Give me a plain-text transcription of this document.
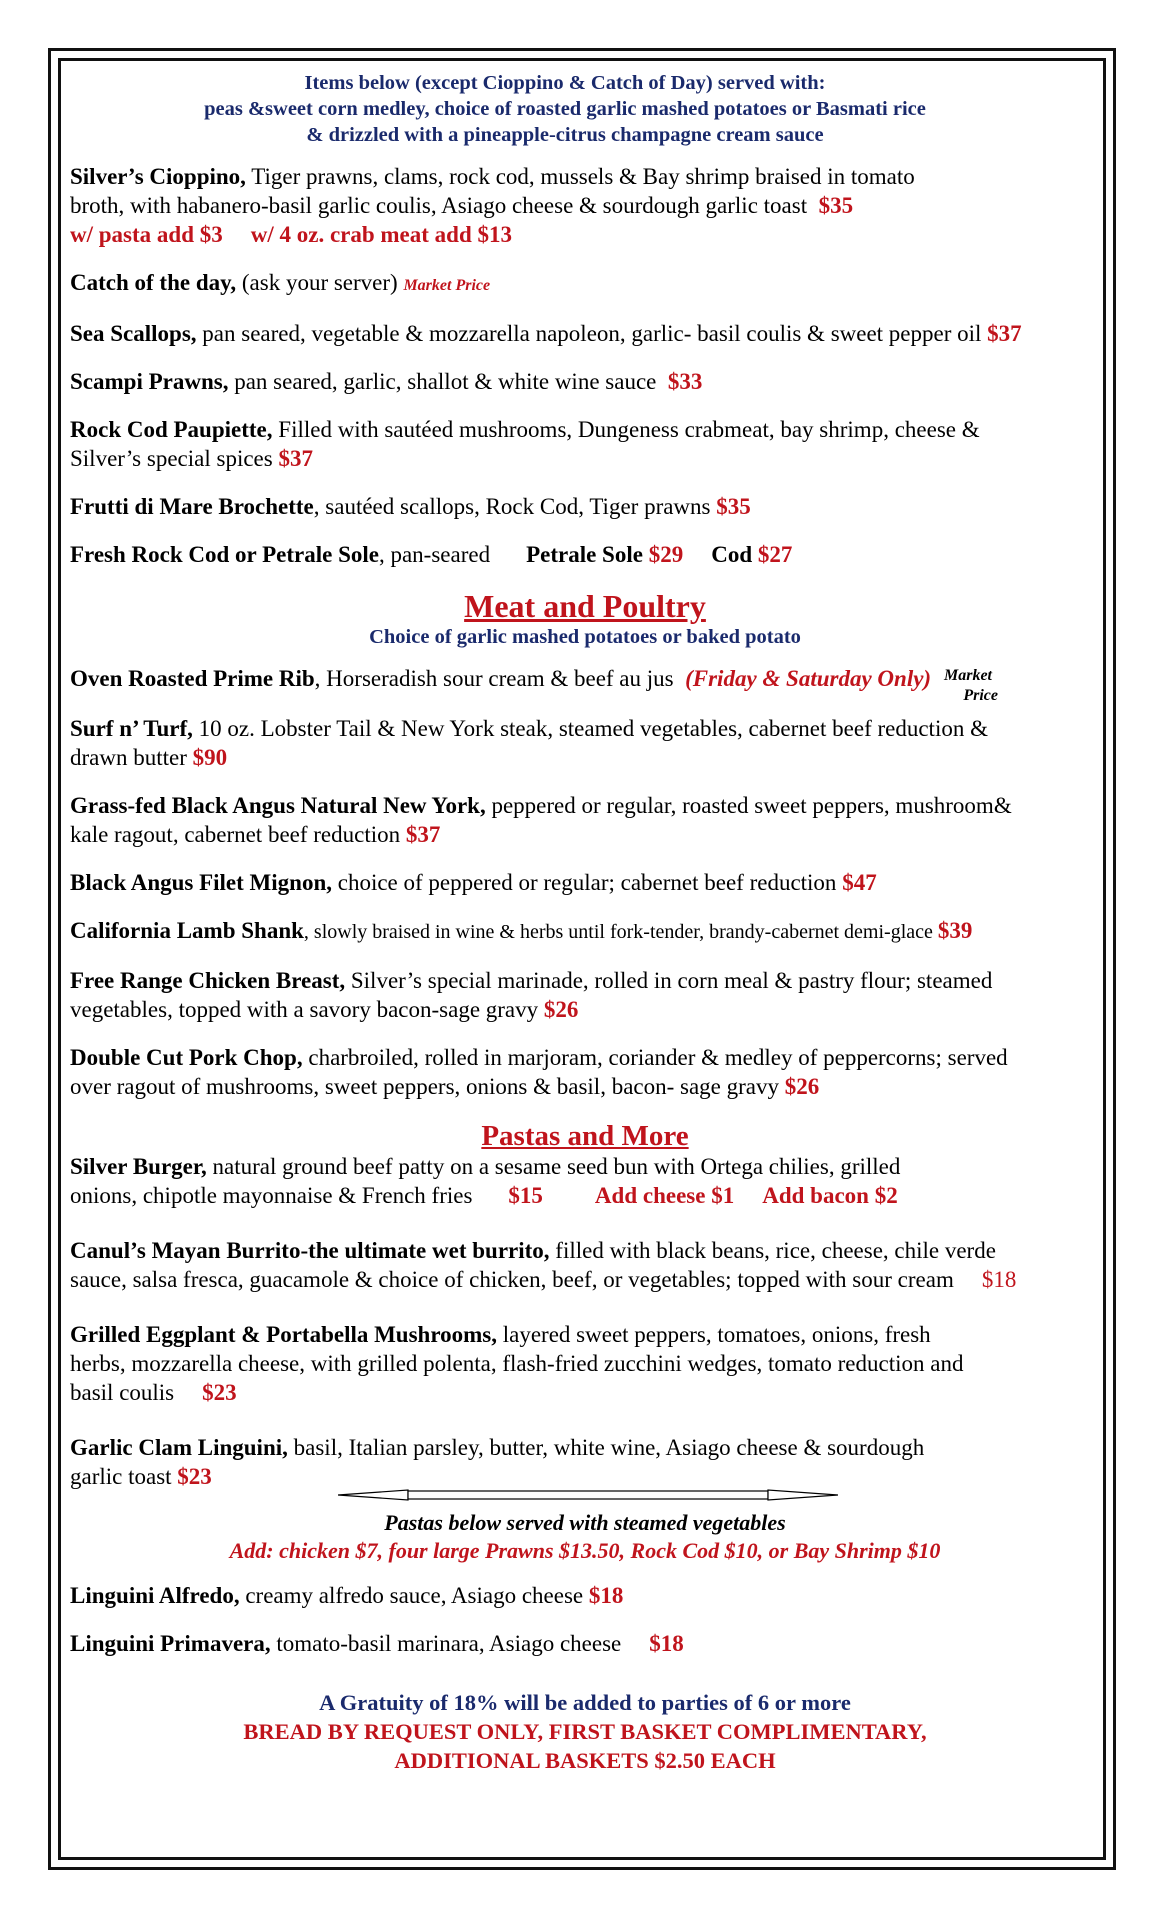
Items below (except Cioppino & Catch of Day) served with:
peas &sweet corn medley, choice of roasted garlic mashed potatoes or Basmati rice
& drizzled with a pineapple-citrus champagne cream sauce
Silver’s Cioppino, Tiger prawns, clams, rock cod, mussels & Bay shrimp braised in tomato
broth, with habanero-basil garlic coulis, Asiago cheese & sourdough garlic toast $35
w/ pasta add $3 w/ 4 oz. crab meat add $13
Catch of the day, (ask your server) Market Price
Sea Scallops, pan seared, vegetable & mozzarella napoleon, garlic- basil coulis & sweet pepper oil $37
Scampi Prawns, pan seared, garlic, shallot & white wine sauce $33
Rock Cod Paupiette, Filled with sautéed mushrooms, Dungeness crabmeat, bay shrimp, cheese &
Silver’s special spices $37
Frutti di Mare Brochette, sautéed scallops, Rock Cod, Tiger prawns $35
Fresh Rock Cod or Petrale Sole, pan-seared Petrale Sole $29 Cod $27
Meat and Poultry
Choice of garlic mashed potatoes or baked potato
Market
Price
Oven Roasted Prime Rib, Horseradish sour cream & beef au jus  (Friday & Saturday Only)
Surf n’ Turf, 10 oz. Lobster Tail & New York steak, steamed vegetables, cabernet beef reduction &
drawn butter $90
Grass-fed Black Angus Natural New York, peppered or regular, roasted sweet peppers, mushroom&
kale ragout, cabernet beef reduction $37
Black Angus Filet Mignon, choice of peppered or regular; cabernet beef reduction $47
California Lamb Shank, slowly braised in wine & herbs until fork-tender, brandy-cabernet demi-glace $39
Free Range Chicken Breast, Silver’s special marinade, rolled in corn meal & pastry flour; steamed
vegetables, topped with a savory bacon-sage gravy $26
Double Cut Pork Chop, charbroiled, rolled in marjoram, coriander & medley of peppercorns; served
over ragout of mushrooms, sweet peppers, onions & basil, bacon- sage gravy $26
Pastas and More
Silver Burger, natural ground beef patty on a sesame seed bun with Ortega chilies, grilled
onions, chipotle mayonnaise & French fries $15 Add cheese $1 Add bacon $2
Canul’s Mayan Burrito-the ultimate wet burrito, filled with black beans, rice, cheese, chile verde
sauce, salsa fresca, guacamole & choice of chicken, beef, or vegetables; topped with sour cream $18
Grilled Eggplant & Portabella Mushrooms, layered sweet peppers, tomatoes, onions, fresh
herbs, mozzarella cheese, with grilled polenta, flash-fried zucchini wedges, tomato reduction and
basil coulis $23
Garlic Clam Linguini, basil, Italian parsley, butter, white wine, Asiago cheese & sourdough
garlic toast $23
Pastas below served with steamed vegetables
Add: chicken $7, four large Prawns $13.50, Rock Cod $10, or Bay Shrimp $10
Linguini Alfredo, creamy alfredo sauce, Asiago cheese $18
Linguini Primavera, tomato-basil marinara, Asiago cheese $18
A Gratuity of 18% will be added to parties of 6 or more
BREAD BY REQUEST ONLY, FIRST BASKET COMPLIMENTARY,
ADDITIONAL BASKETS $2.50 EACH
